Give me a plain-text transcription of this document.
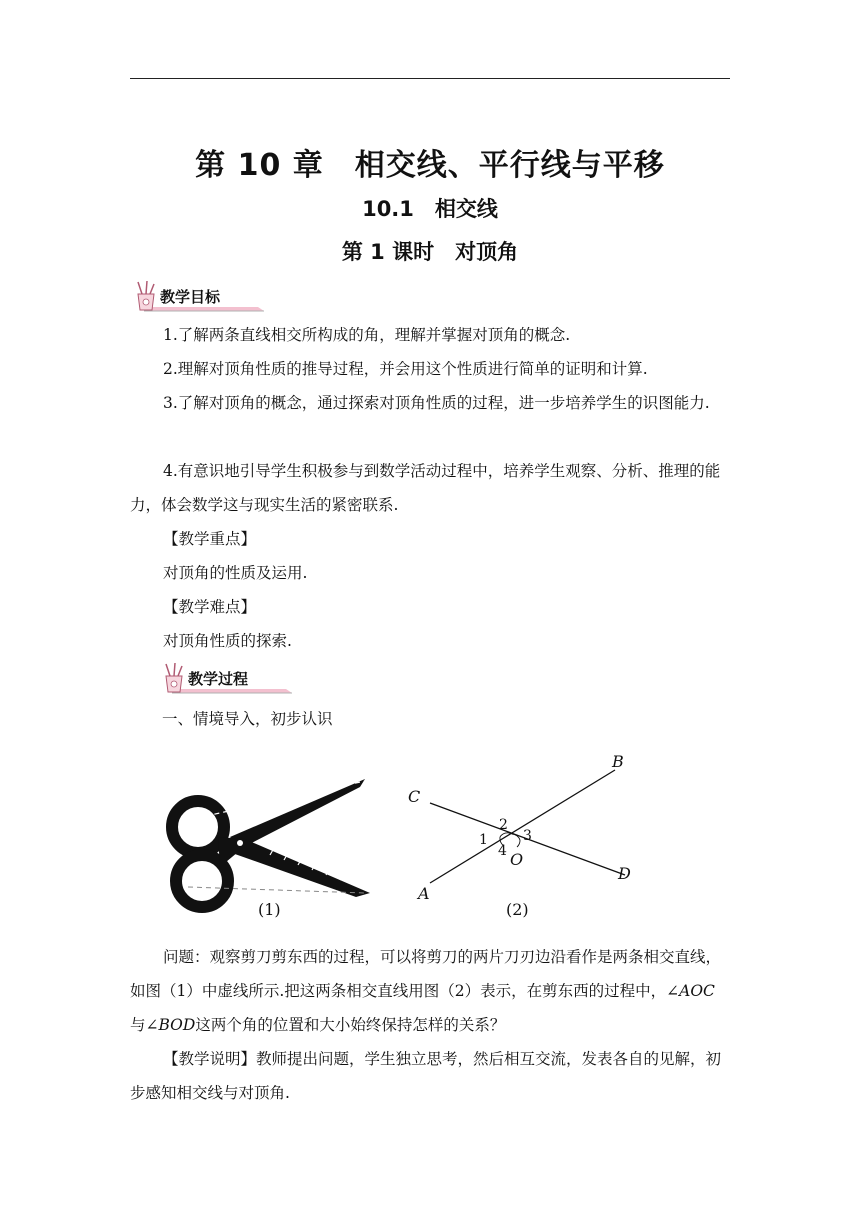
第 10 章　相交线、平行线与平移
10.1　相交线
第 1 课时　对顶角
教学目标
1.了解两条直线相交所构成的角，理解并掌握对顶角的概念.
2.理解对顶角性质的推导过程，并会用这个性质进行简单的证明和计算.
3.了解对顶角的概念，通过探索对顶角性质的过程，进一步培养学生的识图能力.
4.有意识地引导学生积极参与到数学活动过程中，培养学生观察、分析、推理的能力，体会数学这与现实生活的紧密联系.
【教学重点】
对顶角的性质及运用.
【教学难点】
对顶角性质的探索.
教学过程
一、情境导入，初步认识
(1)
B
C
D
A
O
2
1	3
4
(2)
问题：观察剪刀剪东西的过程，可以将剪刀的两片刀刃边沿看作是两条相交直线，如图（1）中虚线所示.把这两条相交直线用图（2）表示，在剪东西的过程中，∠AOC与∠BOD这两个角的位置和大小始终保持怎样的关系？
【教学说明】教师提出问题，学生独立思考，然后相互交流，发表各自的见解，初步感知相交线与对顶角.
